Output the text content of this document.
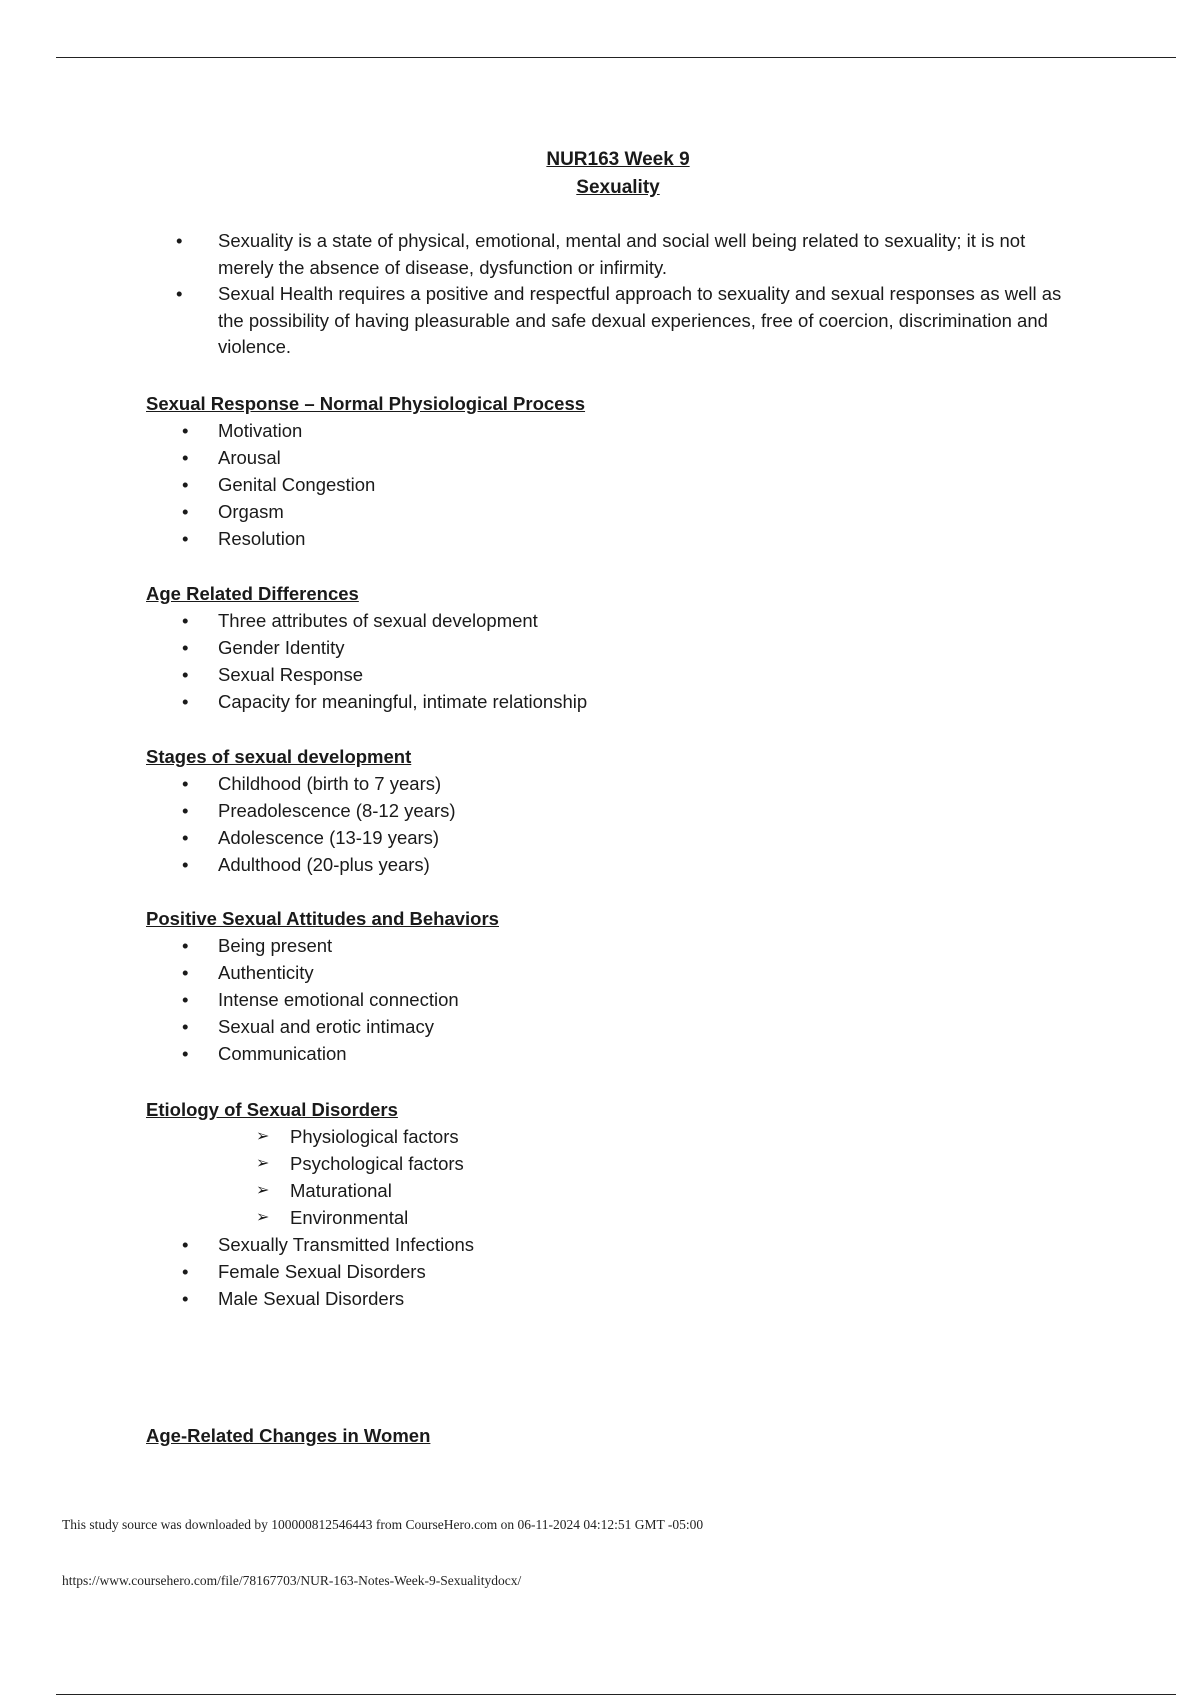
NUR163 Week 9
Sexuality
•	Sexuality is a state of physical, emotional, mental and social well being related to sexuality; it is not merely the absence of disease, dysfunction or infirmity.
•	Sexual Health requires a positive and respectful approach to sexuality and sexual responses as well as the possibility of having pleasurable and safe dexual experiences, free of coercion, discrimination and violence.
Sexual Response – Normal Physiological Process
• Motivation
• Arousal
• Genital Congestion
• Orgasm
• Resolution
Age Related Differences
• Three attributes of sexual development
• Gender Identity
• Sexual Response
• Capacity for meaningful, intimate relationship
Stages of sexual development
• Childhood (birth to 7 years)
• Preadolescence (8-12 years)
• Adolescence (13-19 years)
• Adulthood (20-plus years)
Positive Sexual Attitudes and Behaviors
• Being present
• Authenticity
• Intense emotional connection
• Sexual and erotic intimacy
• Communication
Etiology of Sexual Disorders
➢ Physiological factors
➢ Psychological factors
➢ Maturational
➢ Environmental
• Sexually Transmitted Infections
• Female Sexual Disorders
• Male Sexual Disorders
Age-Related Changes in Women
This study source was downloaded by 100000812546443 from CourseHero.com on 06-11-2024 04:12:51 GMT -05:00
https://www.coursehero.com/file/78167703/NUR-163-Notes-Week-9-Sexualitydocx/
